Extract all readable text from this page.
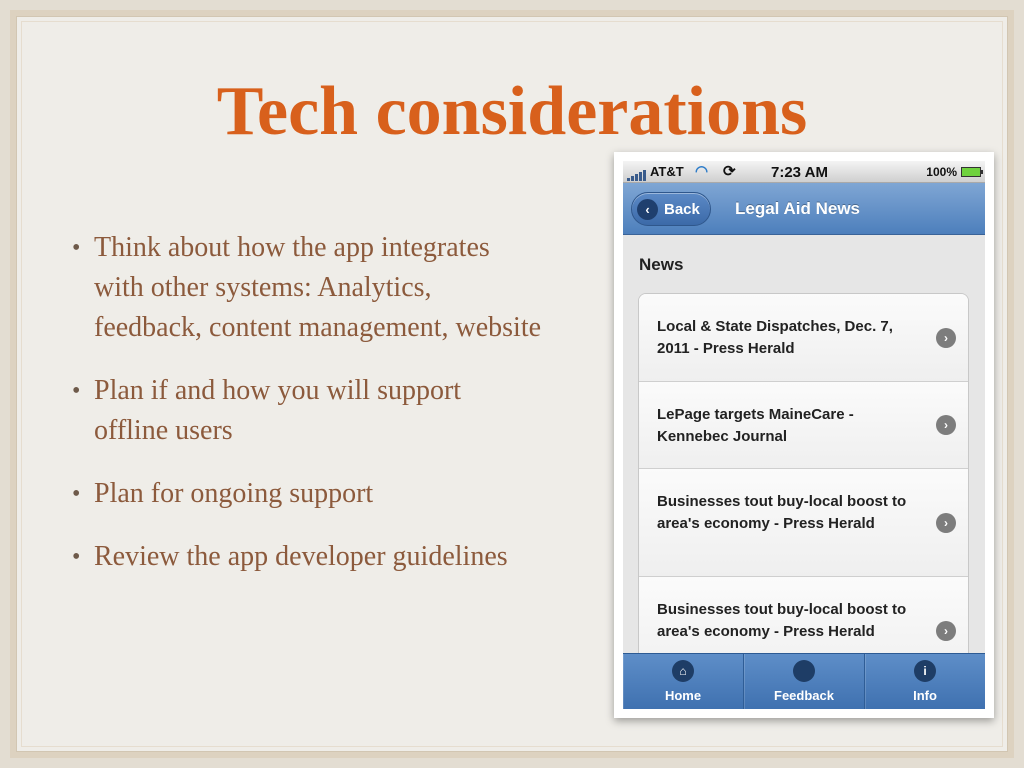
Tech considerations
• Think about how the app integrates with other systems: Analytics, feedback, content management, website
• Plan if and how you will support offline users
• Plan for ongoing support
• Review the app developer guidelines
AT&T ◠ ⟳ 7:23 AM	100%
‹ Back Legal Aid News
News
Local & State Dispatches, Dec. 7, 2011 - Press Herald
›
LePage targets MaineCare - Kennebec Journal
›
Businesses tout buy-local boost to area's economy - Press Herald	›
Businesses tout buy-local boost to area's economy - Press Herald	›
⌂
Home	Feedback
i
Info
